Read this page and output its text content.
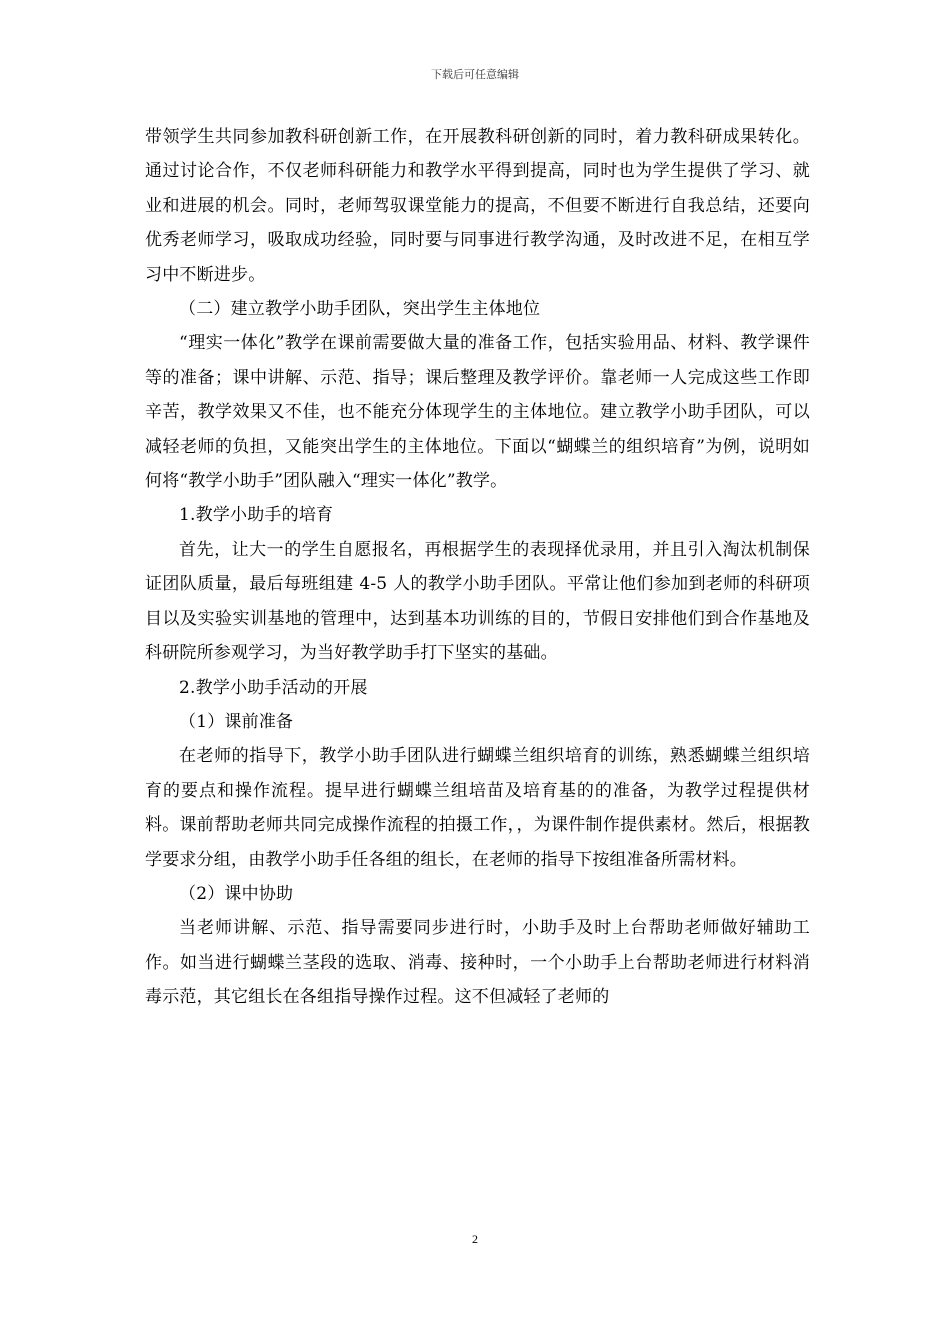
下载后可任意编辑

带领学生共同参加教科研创新工作，在开展教科研创新的同时，着力教科研成果转化。通过讨论合作，不仅老师科研能力和教学水平得到提高，同时也为学生提供了学习、就业和进展的机会。同时，老师驾驭课堂能力的提高，不但要不断进行自我总结，还要向优秀老师学习，吸取成功经验，同时要与同事进行教学沟通，及时改进不足，在相互学习中不断进步。

（二）建立教学小助手团队，突出学生主体地位

“理实一体化”教学在课前需要做大量的准备工作，包括实验用品、材料、教学课件等的准备；课中讲解、示范、指导；课后整理及教学评价。靠老师一人完成这些工作即辛苦，教学效果又不佳，也不能充分体现学生的主体地位。建立教学小助手团队，可以减轻老师的负担，又能突出学生的主体地位。下面以“蝴蝶兰的组织培育”为例，说明如何将“教学小助手”团队融入“理实一体化”教学。

1.教学小助手的培育

首先，让大一的学生自愿报名，再根据学生的表现择优录用，并且引入淘汰机制保证团队质量，最后每班组建 4-5 人的教学小助手团队。平常让他们参加到老师的科研项目以及实验实训基地的管理中，达到基本功训练的目的，节假日安排他们到合作基地及科研院所参观学习，为当好教学助手打下坚实的基础。

2.教学小助手活动的开展

（1）课前准备

在老师的指导下，教学小助手团队进行蝴蝶兰组织培育的训练，熟悉蝴蝶兰组织培育的要点和操作流程。提早进行蝴蝶兰组培苗及培育基的的准备，为教学过程提供材料。课前帮助老师共同完成操作流程的拍摄工作，，为课件制作提供素材。然后，根据教学要求分组，由教学小助手任各组的组长，在老师的指导下按组准备所需材料。

（2）课中协助

当老师讲解、示范、指导需要同步进行时，小助手及时上台帮助老师做好辅助工作。如当进行蝴蝶兰茎段的选取、消毒、接种时，一个小助手上台帮助老师进行材料消毒示范，其它组长在各组指导操作过程。这不但减轻了老师的

2
